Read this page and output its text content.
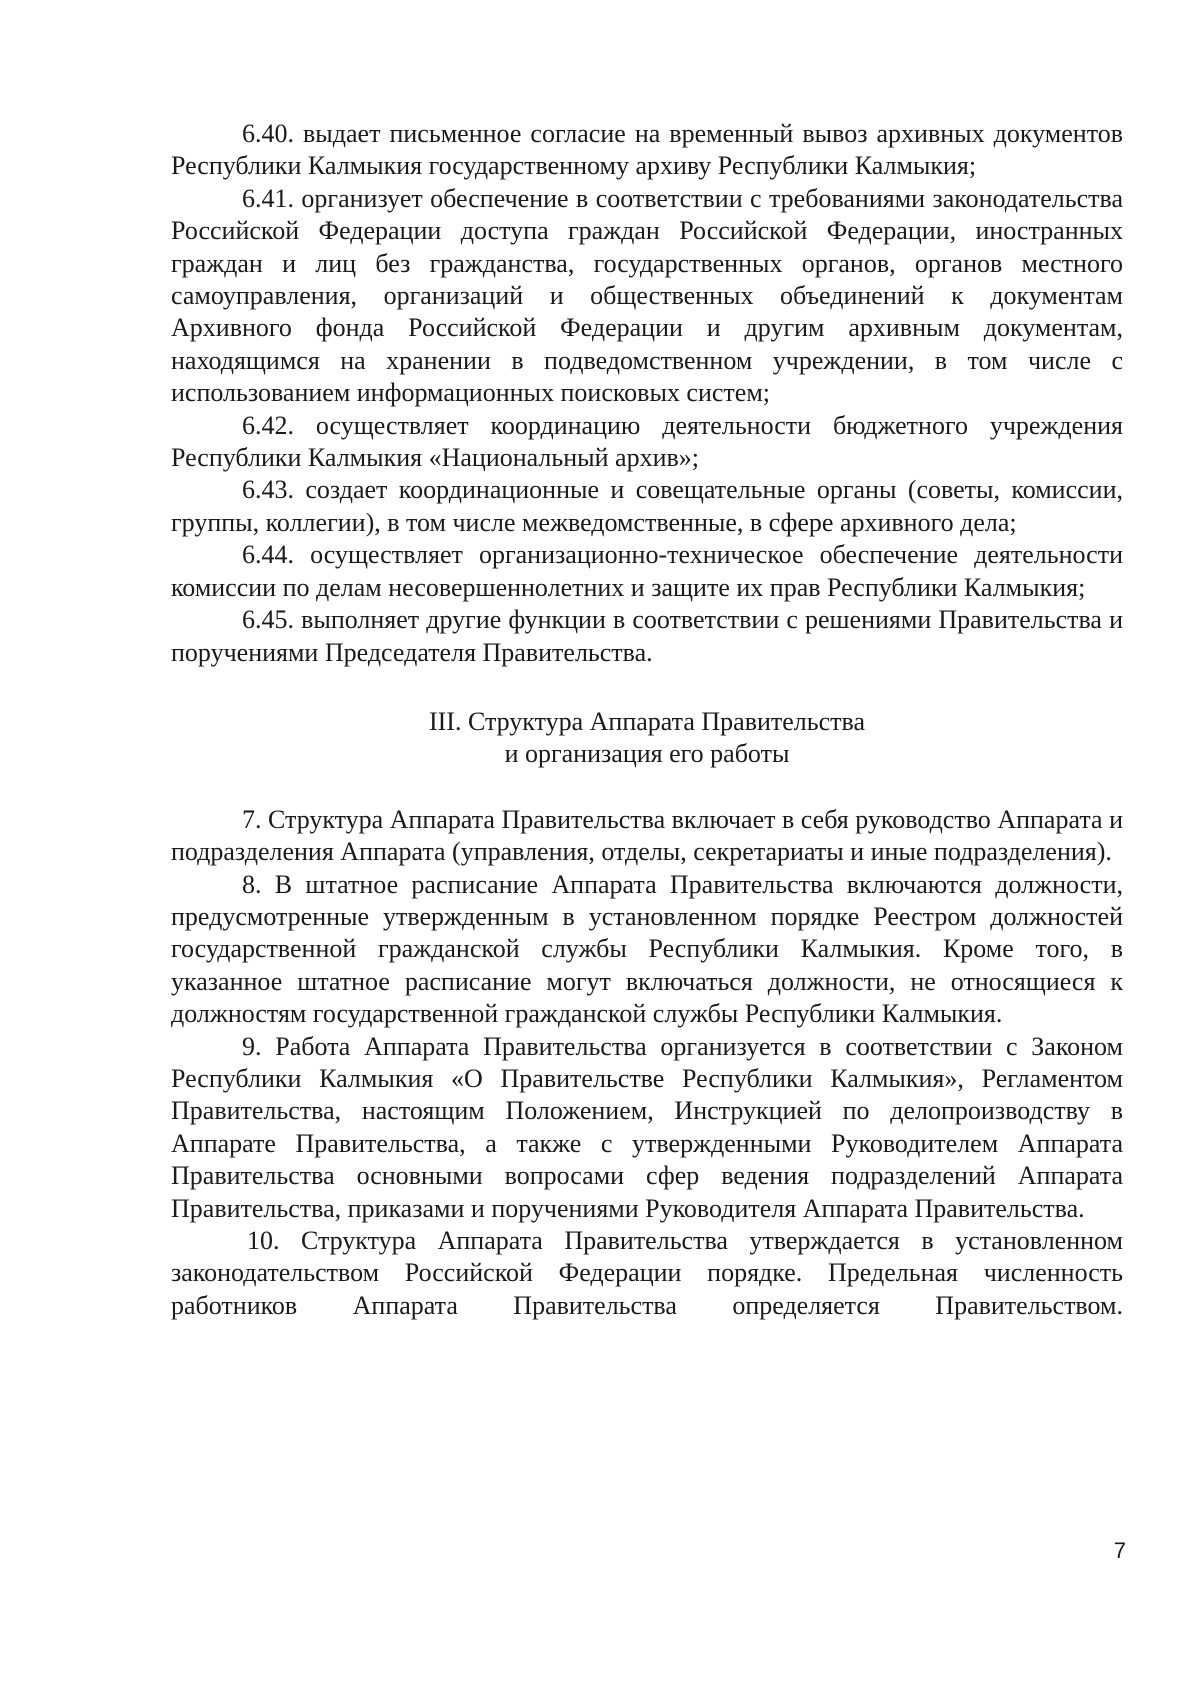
6.40. выдает письменное согласие на временный вывоз архивных документов Республики Калмыкия государственному архиву Республики Калмыкия;

6.41. организует обеспечение в соответствии с требованиями законодательства Российской Федерации доступа граждан Российской Федерации, иностранных граждан и лиц без гражданства, государственных органов, органов местного самоуправления, организаций и общественных объединений к документам Архивного фонда Российской Федерации и другим архивным документам, находящимся на хранении в подведомственном учреждении, в том числе с использованием информационных поисковых систем;

6.42. осуществляет координацию деятельности бюджетного учреждения Республики Калмыкия «Национальный архив»;

6.43. создает координационные и совещательные органы (советы, комиссии, группы, коллегии), в том числе межведомственные, в сфере архивного дела;

6.44. осуществляет организационно-техническое обеспечение деятельности комиссии по делам несовершеннолетних и защите их прав Республики Калмыкия;

6.45. выполняет другие функции в соответствии с решениями Правительства и поручениями Председателя Правительства.

III. Структура Аппарата Правительства
и организация его работы

7. Структура Аппарата Правительства включает в себя руководство Аппарата и подразделения Аппарата (управления, отделы, секретариаты и иные подразделения).

8. В штатное расписание Аппарата Правительства включаются должности, предусмотренные утвержденным в установленном порядке Реестром должностей государственной гражданской службы Республики Калмыкия. Кроме того, в указанное штатное расписание могут включаться должности, не относящиеся к должностям государственной гражданской службы Республики Калмыкия.

9. Работа Аппарата Правительства организуется в соответствии с Законом Республики Калмыкия «О Правительстве Республики Калмыкия», Регламентом Правительства, настоящим Положением, Инструкцией по делопроизводству в Аппарате Правительства, а также с утвержденными Руководителем Аппарата Правительства основными вопросами сфер ведения подразделений Аппарата Правительства, приказами и поручениями Руководителя Аппарата Правительства.

10. Структура Аппарата Правительства утверждается в установленном законодательством Российской Федерации порядке. Предельная численность работников Аппарата Правительства определяется Правительством.

7
